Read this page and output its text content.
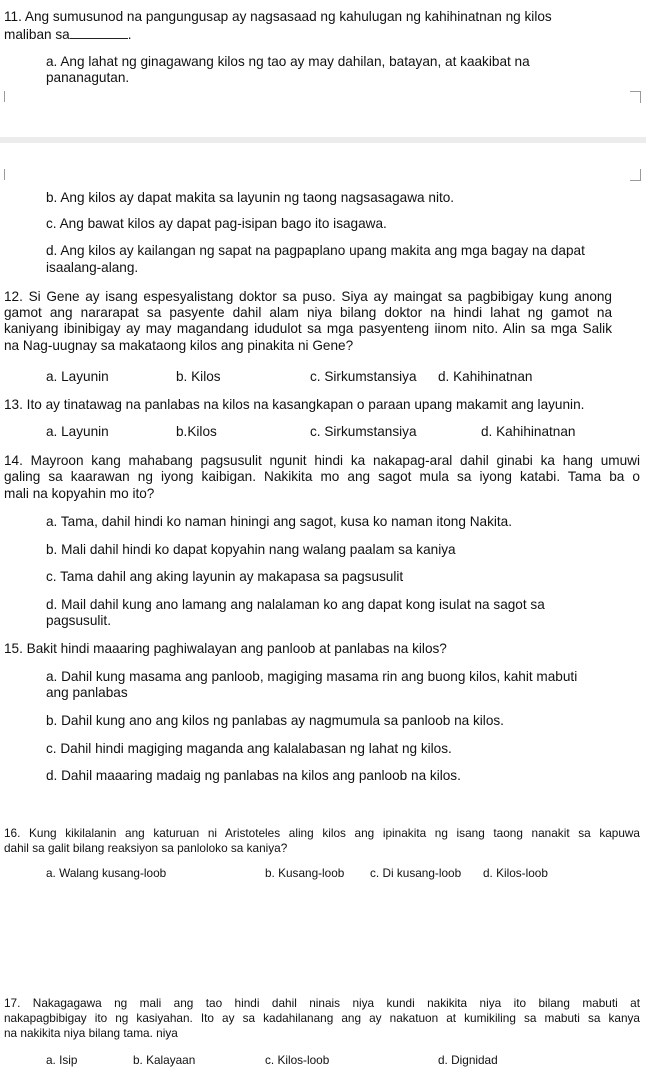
11. Ang sumusunod na pangungusap ay nagsasaad ng kahulugan ng kahihinatnan ng kilos
maliban sa	.
a. Ang lahat ng ginagawang kilos ng tao ay may dahilan, batayan, at kaakibat na
pananagutan.
b. Ang kilos ay dapat makita sa layunin ng taong nagsasagawa nito.
c. Ang bawat kilos ay dapat pag-isipan bago ito isagawa.
d. Ang kilos ay kailangan ng sapat na pagpaplano upang makita ang mga bagay na dapat
isaalang-alang.
12. Si Gene ay isang espesyalistang doktor sa puso. Siya ay maingat sa pagbibigay kung anong
gamot ang nararapat sa pasyente dahil alam niya bilang doktor na hindi lahat ng gamot na
kaniyang ibinibigay ay may magandang idudulot sa mga pasyenteng iinom nito. Alin sa mga Salik
na Nag-uugnay sa makataong kilos ang pinakita ni Gene?
a. Layunin	b. Kilos	c. Sirkumstansiya d. Kahihinatnan
13. Ito ay tinatawag na panlabas na kilos na kasangkapan o paraan upang makamit ang layunin.
a. Layunin	b.Kilos	c. Sirkumstansiya	d. Kahihinatnan
14. Mayroon kang mahabang pagsusulit ngunit hindi ka nakapag-aral dahil ginabi ka hang umuwi
galing sa kaarawan ng iyong kaibigan. Nakikita mo ang sagot mula sa iyong katabi. Tama ba o
mali na kopyahin mo ito?
a. Tama, dahil hindi ko naman hiningi ang sagot, kusa ko naman itong Nakita.
b. Mali dahil hindi ko dapat kopyahin nang walang paalam sa kaniya
c. Tama dahil ang aking layunin ay makapasa sa pagsusulit
d. Mail dahil kung ano lamang ang nalalaman ko ang dapat kong isulat na sagot sa
pagsusulit.
15. Bakit hindi maaaring paghiwalayan ang panloob at panlabas na kilos?
a. Dahil kung masama ang panloob, magiging masama rin ang buong kilos, kahit mabuti
ang panlabas
b. Dahil kung ano ang kilos ng panlabas ay nagmumula sa panloob na kilos.
c. Dahil hindi magiging maganda ang kalalabasan ng lahat ng kilos.
d. Dahil maaaring madaig ng panlabas na kilos ang panloob na kilos.
16. Kung kikilalanin ang katuruan ni Aristoteles aling kilos ang ipinakita ng isang taong nanakit sa kapuwa
dahil sa galit bilang reaksiyon sa panloloko sa kaniya?
a. Walang kusang-loob	b. Kusang-loob c. Di kusang-loob d. Kilos-loob
17. Nakagagawa ng mali ang tao hindi dahil ninais niya kundi nakikita niya ito bilang mabuti at
nakapagbibigay ito ng kasiyahan. Ito ay sa kadahilanang ang ay nakatuon at kumikiling sa mabuti sa kanya
na nakikita niya bilang tama. niya
a. Isip	b. Kalayaan	c. Kilos-loob	d. Dignidad
